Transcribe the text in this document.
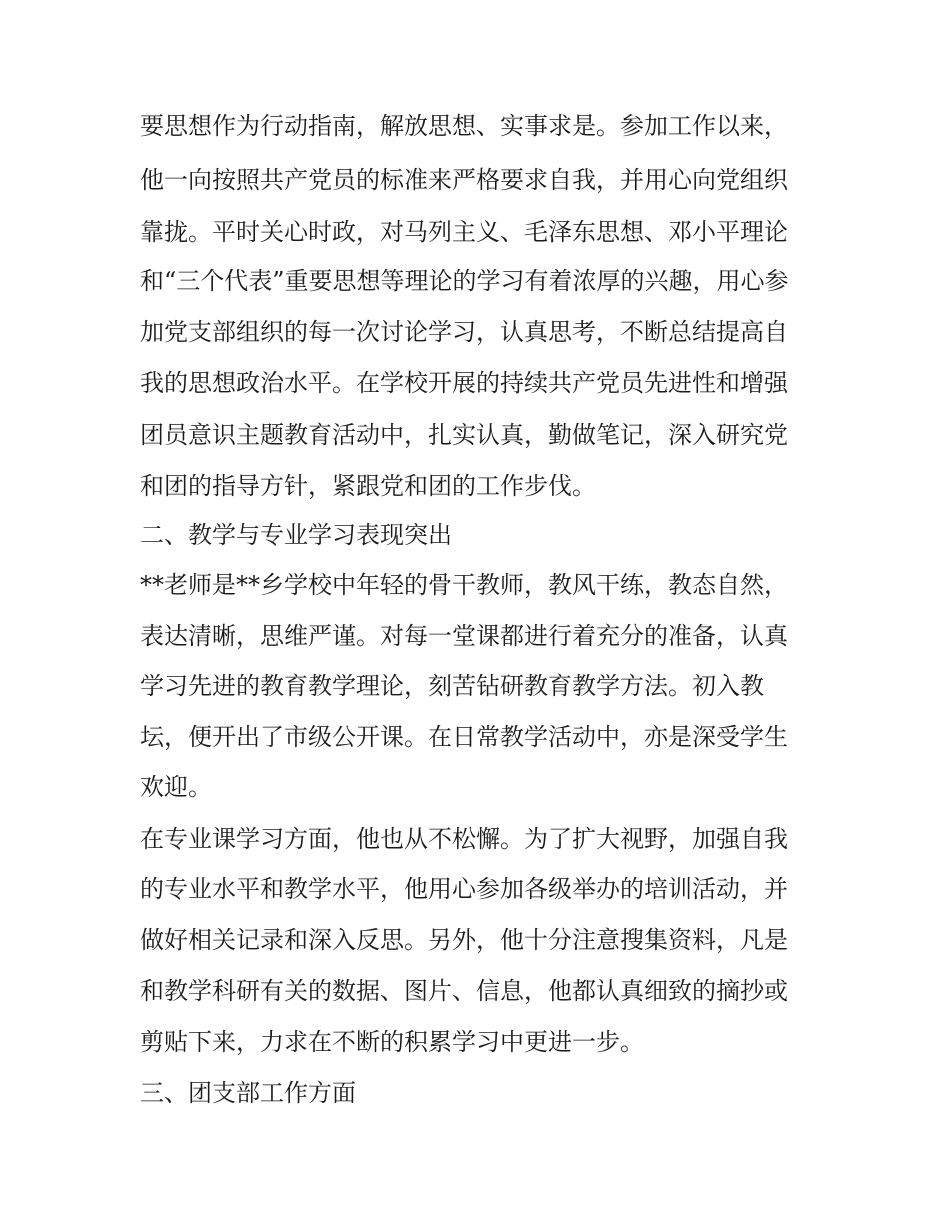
要思想作为行动指南，解放思想、实事求是。参加工作以来，
他一向按照共产党员的标准来严格要求自我，并用心向党组织
靠拢。平时关心时政，对马列主义、毛泽东思想、邓小平理论
和“三个代表”重要思想等理论的学习有着浓厚的兴趣，用心参
加党支部组织的每一次讨论学习，认真思考，不断总结提高自
我的思想政治水平。在学校开展的持续共产党员先进性和增强
团员意识主题教育活动中，扎实认真，勤做笔记，深入研究党
和团的指导方针，紧跟党和团的工作步伐。
二、教学与专业学习表现突出
**老师是**乡学校中年轻的骨干教师，教风干练，教态自然，
表达清晰，思维严谨。对每一堂课都进行着充分的准备，认真
学习先进的教育教学理论，刻苦钻研教育教学方法。初入教
坛，便开出了市级公开课。在日常教学活动中，亦是深受学生
欢迎。
在专业课学习方面，他也从不松懈。为了扩大视野，加强自我
的专业水平和教学水平，他用心参加各级举办的培训活动，并
做好相关记录和深入反思。另外，他十分注意搜集资料，凡是
和教学科研有关的数据、图片、信息，他都认真细致的摘抄或
剪贴下来，力求在不断的积累学习中更进一步。
三、团支部工作方面
